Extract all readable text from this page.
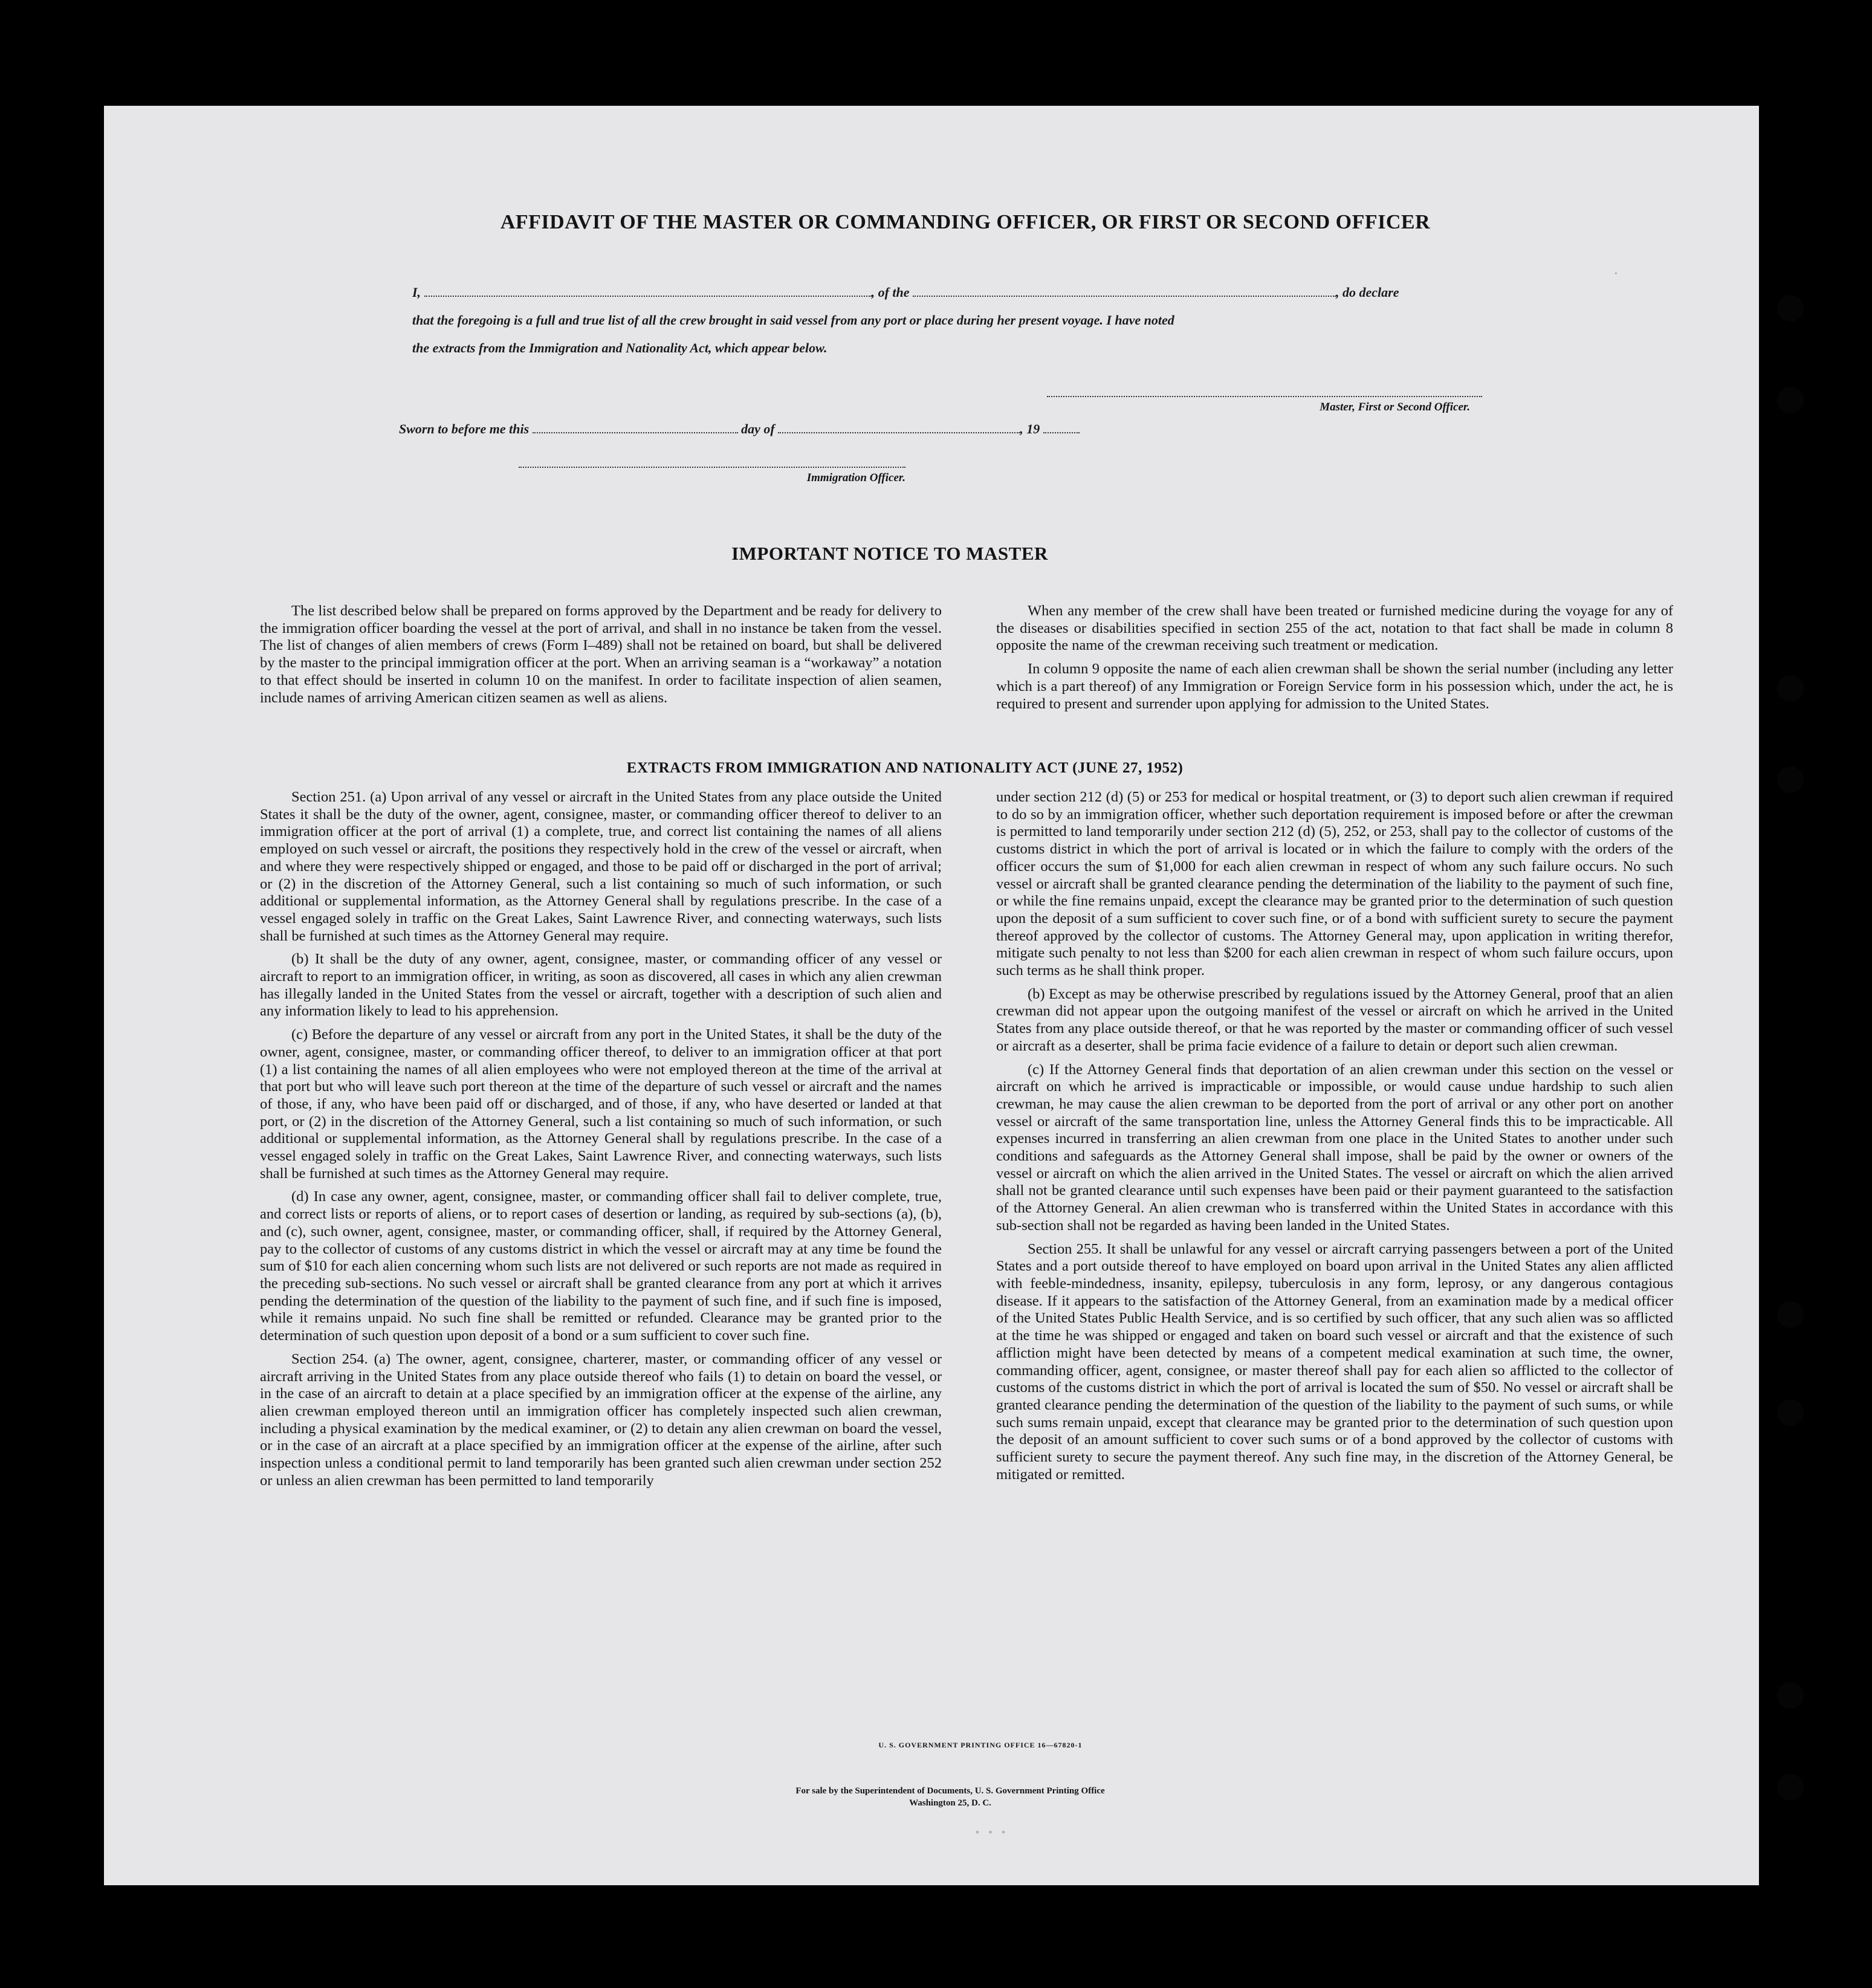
·
· · ·
AFFIDAVIT OF THE MASTER OR COMMANDING OFFICER, OR FIRST OR SECOND OFFICER
I,	, of the	, do declare
that the foregoing is a full and true list of all the crew brought in said vessel from any port or place during her present voyage. I have noted
the extracts from the Immigration and Nationality Act, which appear below.
Master, First or Second Officer.
Sworn to before me this	day of	, 19
Immigration Officer.
IMPORTANT NOTICE TO MASTER

The list described below shall be prepared on forms approved by the Department and be ready for delivery to the immigration officer boarding the vessel at the port of arrival, and shall in no instance be taken from the vessel. The list of changes of alien members of crews (Form I–489) shall not be retained on board, but shall be delivered by the master to the principal immigration officer at the port. When an arriving seaman is a “workaway” a notation to that effect should be inserted in column 10 on the manifest. In order to facilitate inspection of alien seamen, include names of arriving American citizen seamen as well as aliens.

When any member of the crew shall have been treated or furnished medicine during the voyage for any of the diseases or disabilities specified in section 255 of the act, notation to that fact shall be made in column 8 opposite the name of the crewman receiving such treatment or medication.

In column 9 opposite the name of each alien crewman shall be shown the serial number (including any letter which is a part thereof) of any Immigration or Foreign Service form in his possession which, under the act, he is required to present and surrender upon applying for admission to the United States.

EXTRACTS FROM IMMIGRATION AND NATIONALITY ACT (JUNE 27, 1952)

Section 251. (a) Upon arrival of any vessel or aircraft in the United States from any place outside the United States it shall be the duty of the owner, agent, consignee, master, or commanding officer thereof to deliver to an immigration officer at the port of arrival (1) a complete, true, and correct list containing the names of all aliens employed on such vessel or aircraft, the positions they respectively hold in the crew of the vessel or aircraft, when and where they were respectively shipped or engaged, and those to be paid off or discharged in the port of arrival; or (2) in the discretion of the Attorney General, such a list containing so much of such information, or such additional or supplemental information, as the Attorney General shall by regulations prescribe. In the case of a vessel engaged solely in traffic on the Great Lakes, Saint Lawrence River, and connecting waterways, such lists shall be furnished at such times as the Attorney General may require.

(b) It shall be the duty of any owner, agent, consignee, master, or commanding officer of any vessel or aircraft to report to an immigration officer, in writing, as soon as discovered, all cases in which any alien crewman has illegally landed in the United States from the vessel or aircraft, together with a description of such alien and any information likely to lead to his apprehension.

(c) Before the departure of any vessel or aircraft from any port in the United States, it shall be the duty of the owner, agent, consignee, master, or commanding officer thereof, to deliver to an immigration officer at that port (1) a list containing the names of all alien employees who were not employed thereon at the time of the arrival at that port but who will leave such port thereon at the time of the departure of such vessel or aircraft and the names of those, if any, who have been paid off or discharged, and of those, if any, who have deserted or landed at that port, or (2) in the discretion of the Attorney General, such a list containing so much of such information, or such additional or supplemental information, as the Attorney General shall by regulations prescribe. In the case of a vessel engaged solely in traffic on the Great Lakes, Saint Lawrence River, and connecting waterways, such lists shall be furnished at such times as the Attorney General may require.

(d) In case any owner, agent, consignee, master, or commanding officer shall fail to deliver complete, true, and correct lists or reports of aliens, or to report cases of desertion or landing, as required by sub-sections (a), (b), and (c), such owner, agent, consignee, master, or commanding officer, shall, if required by the Attorney General, pay to the collector of customs of any customs district in which the vessel or aircraft may at any time be found the sum of $10 for each alien concerning whom such lists are not delivered or such reports are not made as required in the preceding sub-sections. No such vessel or aircraft shall be granted clearance from any port at which it arrives pending the determination of the question of the liability to the payment of such fine, and if such fine is imposed, while it remains unpaid. No such fine shall be remitted or refunded. Clearance may be granted prior to the determination of such question upon deposit of a bond or a sum sufficient to cover such fine.

Section 254. (a) The owner, agent, consignee, charterer, master, or commanding officer of any vessel or aircraft arriving in the United States from any place outside thereof who fails (1) to detain on board the vessel, or in the case of an aircraft to detain at a place specified by an immigration officer at the expense of the airline, any alien crewman employed thereon until an immigration officer has completely inspected such alien crewman, including a physical examination by the medical examiner, or (2) to detain any alien crewman on board the vessel, or in the case of an aircraft at a place specified by an immigration officer at the expense of the airline, after such inspection unless a conditional permit to land temporarily has been granted such alien crewman under section 252 or unless an alien crewman has been permitted to land temporarily

under section 212 (d) (5) or 253 for medical or hospital treatment, or (3) to deport such alien crewman if required to do so by an immigration officer, whether such deportation requirement is imposed before or after the crewman is permitted to land temporarily under section 212 (d) (5), 252, or 253, shall pay to the collector of customs of the customs district in which the port of arrival is located or in which the failure to comply with the orders of the officer occurs the sum of $1,000 for each alien crewman in respect of whom any such failure occurs. No such vessel or aircraft shall be granted clearance pending the determination of the liability to the payment of such fine, or while the fine remains unpaid, except the clearance may be granted prior to the determination of such question upon the deposit of a sum sufficient to cover such fine, or of a bond with sufficient surety to secure the payment thereof approved by the collector of customs. The Attorney General may, upon application in writing therefor, mitigate such penalty to not less than $200 for each alien crewman in respect of whom such failure occurs, upon such terms as he shall think proper.

(b) Except as may be otherwise prescribed by regulations issued by the Attorney General, proof that an alien crewman did not appear upon the outgoing manifest of the vessel or aircraft on which he arrived in the United States from any place outside thereof, or that he was reported by the master or commanding officer of such vessel or aircraft as a deserter, shall be prima facie evidence of a failure to detain or deport such alien crewman.

(c) If the Attorney General finds that deportation of an alien crewman under this section on the vessel or aircraft on which he arrived is impracticable or impossible, or would cause undue hardship to such alien crewman, he may cause the alien crewman to be deported from the port of arrival or any other port on another vessel or aircraft of the same transportation line, unless the Attorney General finds this to be impracticable. All expenses incurred in transferring an alien crewman from one place in the United States to another under such conditions and safeguards as the Attorney General shall impose, shall be paid by the owner or owners of the vessel or aircraft on which the alien arrived in the United States. The vessel or aircraft on which the alien arrived shall not be granted clearance until such expenses have been paid or their payment guaranteed to the satisfaction of the Attorney General. An alien crewman who is transferred within the United States in accordance with this sub-section shall not be regarded as having been landed in the United States.

Section 255. It shall be unlawful for any vessel or aircraft carrying passengers between a port of the United States and a port outside thereof to have employed on board upon arrival in the United States any alien afflicted with feeble-mindedness, insanity, epilepsy, tuberculosis in any form, leprosy, or any dangerous contagious disease. If it appears to the satisfaction of the Attorney General, from an examination made by a medical officer of the United States Public Health Service, and is so certified by such officer, that any such alien was so afflicted at the time he was shipped or engaged and taken on board such vessel or aircraft and that the existence of such affliction might have been detected by means of a competent medical examination at such time, the owner, commanding officer, agent, consignee, or master thereof shall pay for each alien so afflicted to the collector of customs of the customs district in which the port of arrival is located the sum of $50. No vessel or aircraft shall be granted clearance pending the determination of the question of the liability to the payment of such sums, or while such sums remain unpaid, except that clearance may be granted prior to the determination of such question upon the deposit of an amount sufficient to cover such sums or of a bond approved by the collector of customs with sufficient surety to secure the payment thereof. Any such fine may, in the discretion of the Attorney General, be mitigated or remitted.

U. S. GOVERNMENT PRINTING OFFICE 16—67820-1
For sale by the Superintendent of Documents, U. S. Government Printing Office
Washington 25, D. C.
